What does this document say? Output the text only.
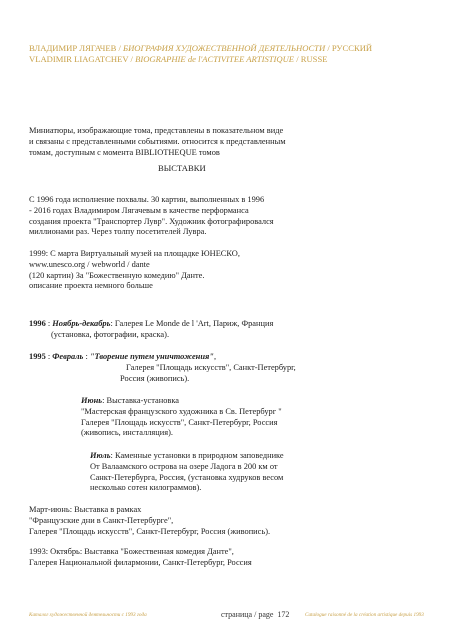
ВЛАДИМИР ЛЯГАЧЕВ / БИОГРАФИЯ ХУДОЖЕСТВЕННОЙ ДЕЯТЕЛЬНОСТИ / РУССКИЙ
VLADIMIR LIAGATCHEV / BIOGRAPHIE de l'ACTIVITEE ARTISTIQUE / RUSSE
Миниатюры, изображающие тома, представлены в показательном виде
и связаны с представленными событиями. относится к представленным
томам, доступным с момента BIBLIOTHEQUE томов
ВЫСТАВКИ
С 1996 года исполнение похвалы. 30 картин, выполненных в 1996
- 2016 годах Владимиром Лягачевым в качестве перформанса
создания проекта "Транспортер Лувр". Художник фотографировался
миллионами раз. Через толпу посетителей Лувра.
1999: С марта Виртуальный музей на площадке ЮНЕСКО,
www.unesco.org / webworld / dante
(120 картин) За "Божественную комедию" Данте.
описание проекта немного больше
1996 : Ноябрь-декабрь: Галерея Le Monde de l 'Art, Париж, Франция
(установка, фотографии, краска).
1995 : Февраль : "Творение путем уничтожения",
Галерея "Площадь искусств", Санкт-Петербург,
Россия (живопись).
Июнь: Выставка-установка
"Мастерская французского художника в Св. Петербург "
Галерея "Площадь искусств", Санкт-Петербург, Россия
(живопись, инсталляция).
Июль: Каменные установки в природном заповеднике
От Валаамского острова на озере Ладога в 200 км от
Санкт-Петербурга, Россия, (установка худруков весом
несколько сотен килограммов).
Март-июнь: Выставка в рамках
"Французские дни в Санкт-Петербурге",
Галерея "Площадь искусств", Санкт-Петербург, Россия (живопись).
1993: Октябрь: Выставка "Божественная комедия Данте",
Галерея Национальной филармонии, Санкт-Петербург, Россия
Каталог художественной деятельности с 1993 года	страница / page 172	Catalogue raisonné de la création artistique depuis 1993
